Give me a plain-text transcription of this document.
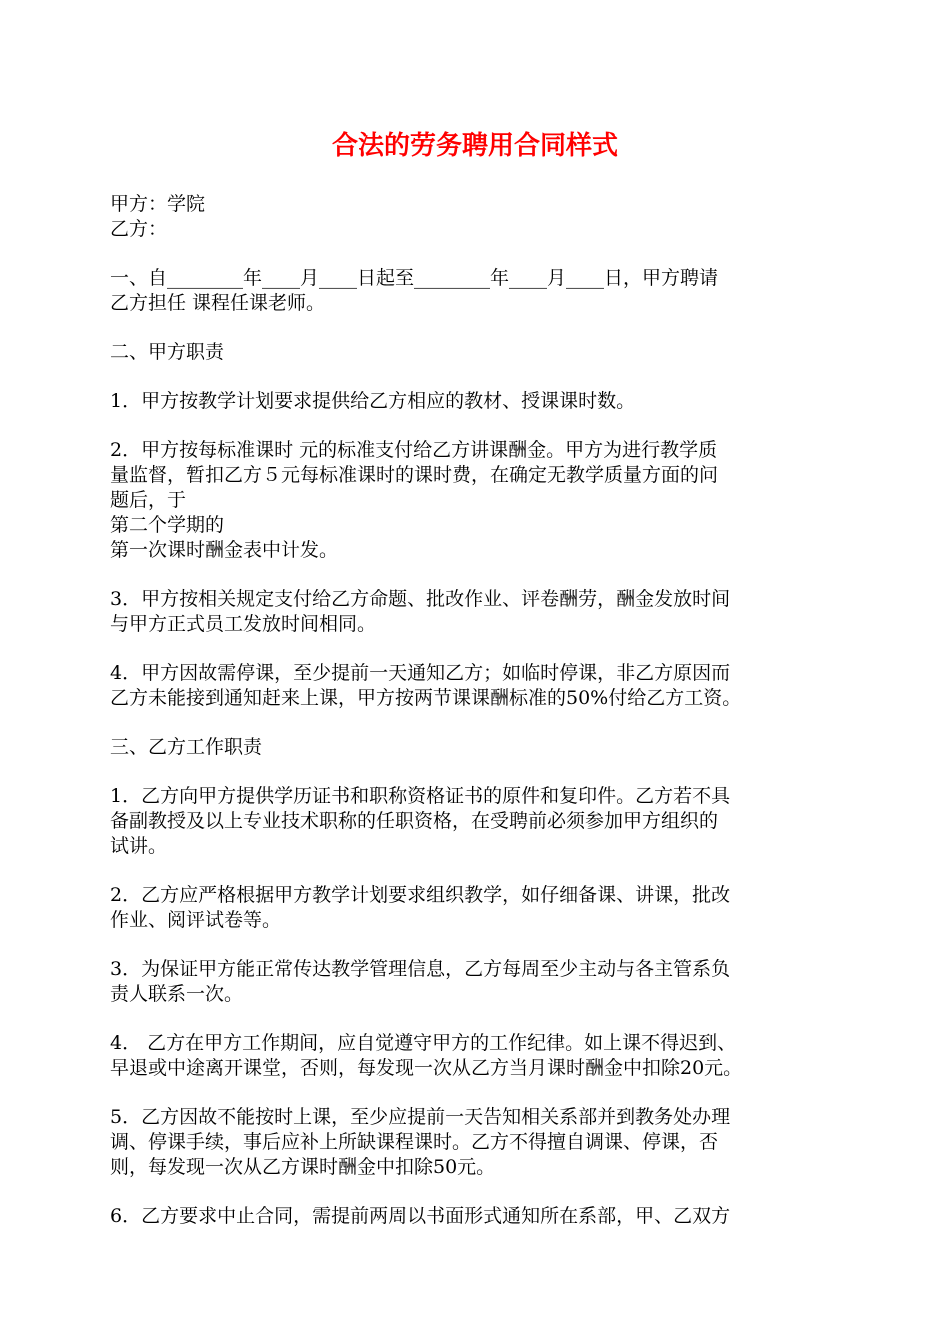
合法的劳务聘用合同样式
甲方：学院
乙方：
一、自________年____月____日起至________年____月____日，甲方聘请
乙方担任 课程任课老师。
二、甲方职责
1．甲方按教学计划要求提供给乙方相应的教材、授课课时数。
2．甲方按每标准课时 元的标准支付给乙方讲课酬金。甲方为进行教学质
量监督，暂扣乙方５元每标准课时的课时费，在确定无教学质量方面的问
题后，于
第二个学期的
第一次课时酬金表中计发。
3．甲方按相关规定支付给乙方命题、批改作业、评卷酬劳，酬金发放时间
与甲方正式员工发放时间相同。
4．甲方因故需停课，至少提前一天通知乙方；如临时停课，非乙方原因而
乙方未能接到通知赶来上课，甲方按两节课课酬标准的50%付给乙方工资。
三、乙方工作职责
1．乙方向甲方提供学历证书和职称资格证书的原件和复印件。乙方若不具
备副教授及以上专业技术职称的任职资格，在受聘前必须参加甲方组织的
试讲。
2．乙方应严格根据甲方教学计划要求组织教学，如仔细备课、讲课，批改
作业、阅评试卷等。
3．为保证甲方能正常传达教学管理信息，乙方每周至少主动与各主管系负
责人联系一次。
4． 乙方在甲方工作期间，应自觉遵守甲方的工作纪律。如上课不得迟到、
早退或中途离开课堂，否则，每发现一次从乙方当月课时酬金中扣除20元。
5．乙方因故不能按时上课，至少应提前一天告知相关系部并到教务处办理
调、停课手续，事后应补上所缺课程课时。乙方不得擅自调课、停课，否
则，每发现一次从乙方课时酬金中扣除50元。
6．乙方要求中止合同，需提前两周以书面形式通知所在系部，甲、乙双方
